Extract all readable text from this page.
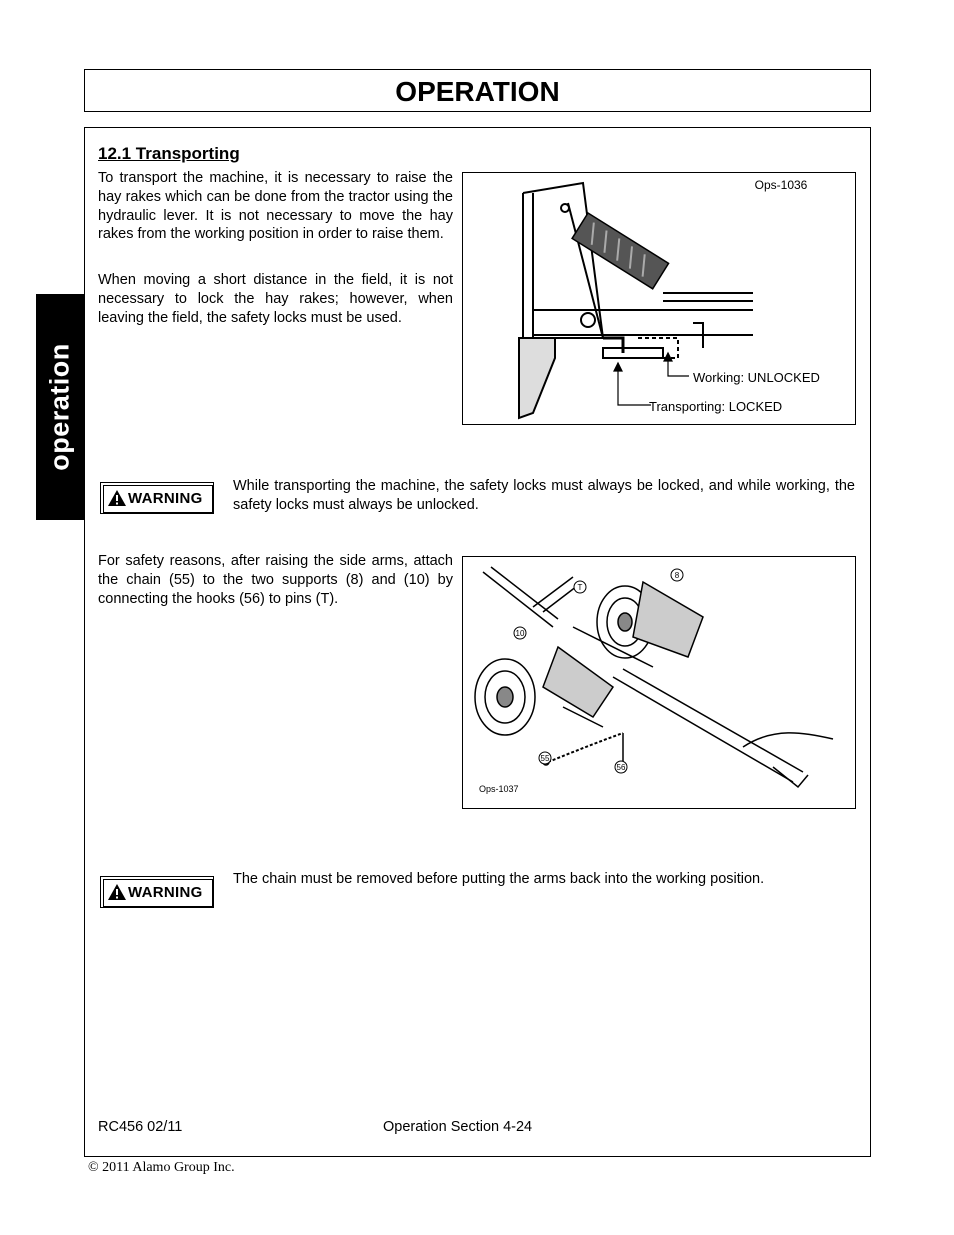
OPERATION
operation
12.1 Transporting
To transport the machine, it is necessary to raise the hay rakes which can be done from the tractor using the hydraulic lever. It is not necessary to move the hay rakes from the working position in order to raise them.
When moving a short distance in the field, it is not necessary to lock the hay rakes; however, when leaving the field, the safety locks must be used.
Ops-1036
Working: UNLOCKED
Transporting: LOCKED
WARNING
While transporting the machine, the safety locks must always be locked, and while working, the safety locks must always be unlocked.
For safety reasons, after raising the side arms, attach the chain (55) to the two supports (8) and (10) by connecting the hooks (56) to pins (T).
T
8
10
55
56
Ops-1037
WARNING
The chain must be removed before putting the arms back into the working position.
RC456 02/11	Operation Section 4-24
© 2011 Alamo Group Inc.
